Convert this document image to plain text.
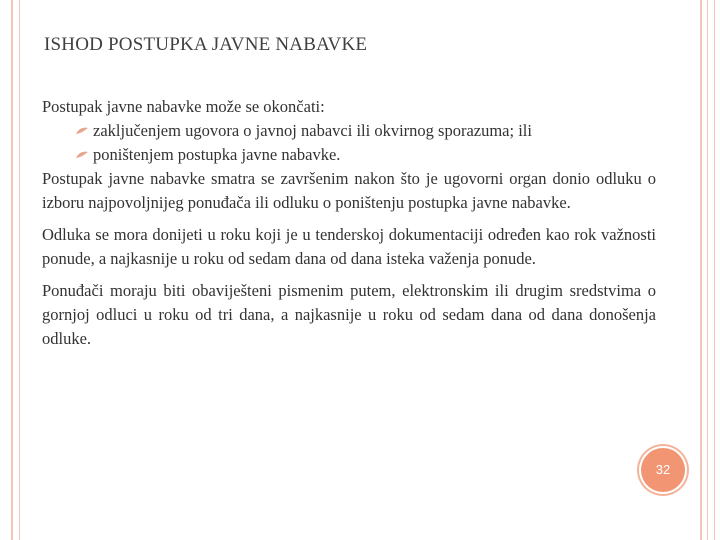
ISHOD POSTUPKA JAVNE NABAVKE

Postupak javne nabavke može se okončati:

zaključenjem ugovora o javnoj nabavci ili okvirnog sporazuma; ili
poništenjem postupka javne nabavke.

Postupak javne nabavke smatra se završenim nakon što je ugovorni organ donio odluku o izboru najpovoljnijeg ponuđača ili odluku o poništenju postupka javne nabavke.

Odluka se mora donijeti u roku koji je u tenderskoj dokumentaciji određen kao rok važnosti ponude, a najkasnije u roku od sedam dana od dana isteka važenja ponude.

Ponuđači moraju biti obaviješteni pismenim putem, elektronskim ili drugim sredstvima o gornjoj odluci u roku od tri dana, a najkasnije u roku od sedam dana od dana donošenja odluke.

32
